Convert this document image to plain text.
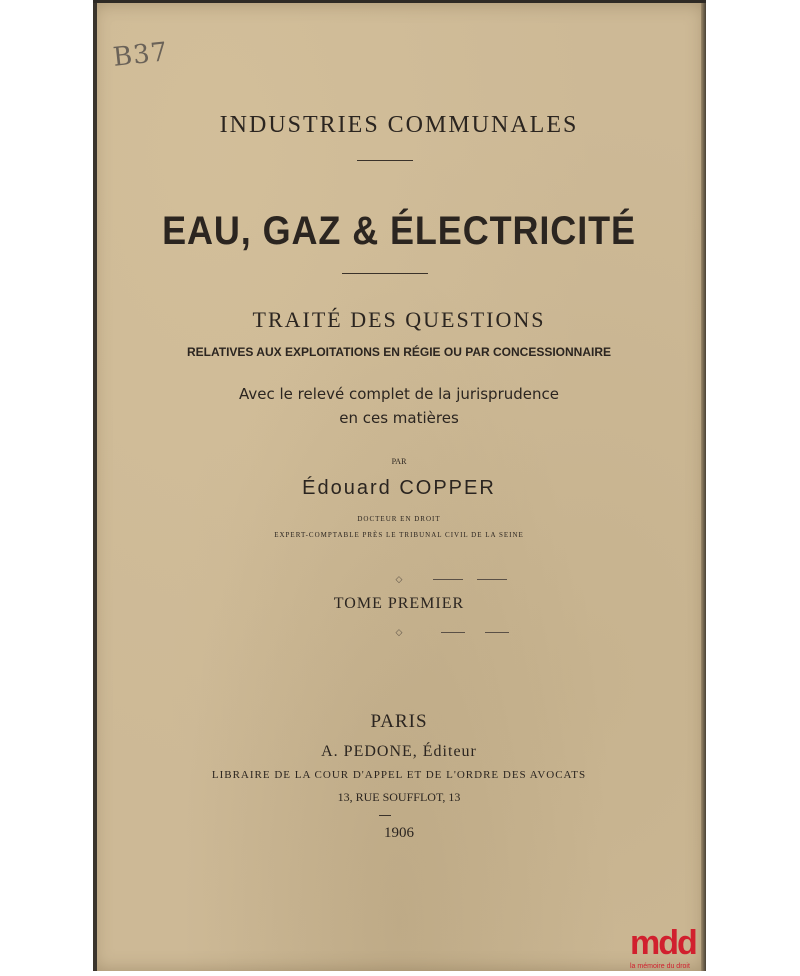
B37
INDUSTRIES COMMUNALES
EAU, GAZ & ÉLECTRICITÉ
TRAITÉ DES QUESTIONS
RELATIVES AUX EXPLOITATIONS EN RÉGIE OU PAR CONCESSIONNAIRE
Avec le relevé complet de la jurisprudence
en ces matières
PAR
Édouard COPPER
DOCTEUR EN DROIT
EXPERT-COMPTABLE PRÈS LE TRIBUNAL CIVIL DE LA SEINE
◇
TOME PREMIER
◇
PARIS
A. PEDONE, Éditeur
LIBRAIRE DE LA COUR D'APPEL ET DE L'ORDRE DES AVOCATS
13, RUE SOUFFLOT, 13
1906
mdd
la mémoire du droit
